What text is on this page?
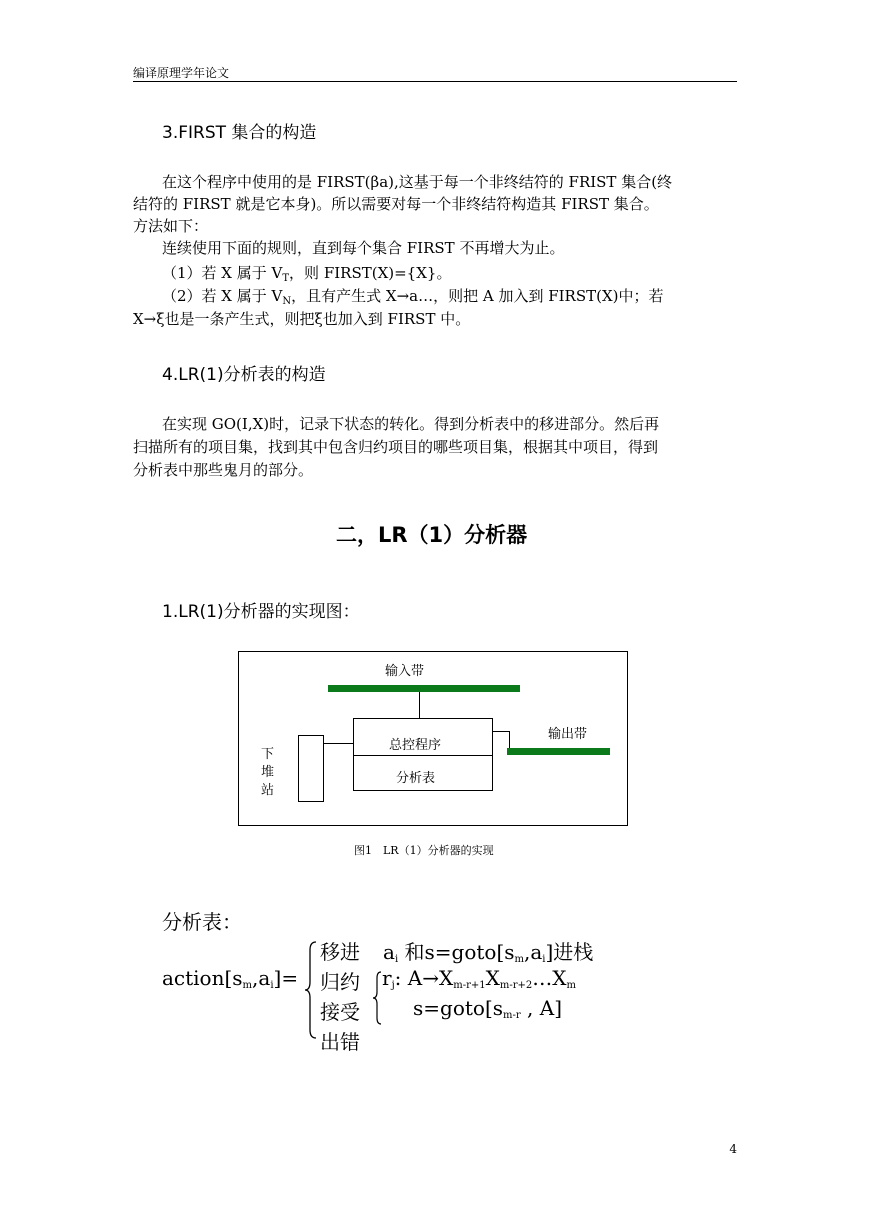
编译原理学年论文
3.FIRST 集合的构造
在这个程序中使用的是 FIRST(βa),这基于每一个非终结符的 FRIST 集合(终
结符的 FIRST 就是它本身)。所以需要对每一个非终结符构造其 FIRST 集合。
方法如下：
连续使用下面的规则，直到每个集合 FIRST 不再增大为止。
（1）若 X 属于 $V_T$，则 FIRST(X)={X}。
（2）若 X 属于 $V_N$，且有产生式 X→a…，则把 A 加入到 FIRST(X)中；若
X→ξ也是一条产生式，则把ξ也加入到 FIRST 中。
4.LR(1)分析表的构造
在实现 GO(I,X)时，记录下状态的转化。得到分析表中的移进部分。然后再
扫描所有的项目集，找到其中包含归约项目的哪些项目集，根据其中项目，得到
分析表中那些鬼月的部分。
二，LR（1）分析器
1.LR(1)分析器的实现图：
输入带
总控程序
分析表
输出带
下
堆
站
图1　LR（1）分析器的实现
分析表：
$action[s_m,a_i]=$
移进
归约
接受
出错
$a_i$ 和$s=goto[s_m,a_i]$进栈
$r_j$: $A\to X_{m-r+1}X_{m-r+2}\dots X_m$
$s=goto[s_{m-r}$ , A]
4
